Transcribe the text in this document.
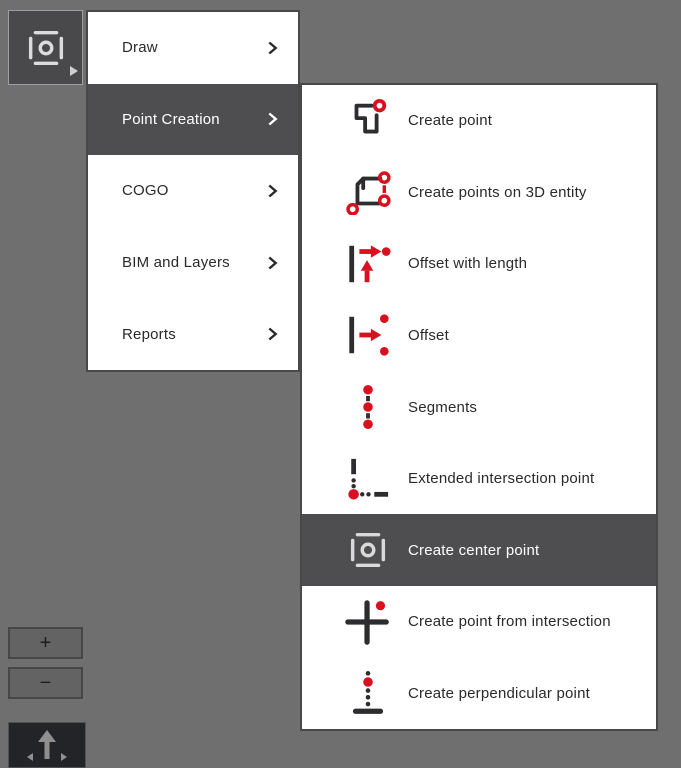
Draw
Point Creation
COGO
BIM and Layers
Reports
Create point
Create points on 3D entity
Offset with length
Offset
Segments
Extended intersection point
Create center point
Create point from intersection
Create perpendicular point
+
−
